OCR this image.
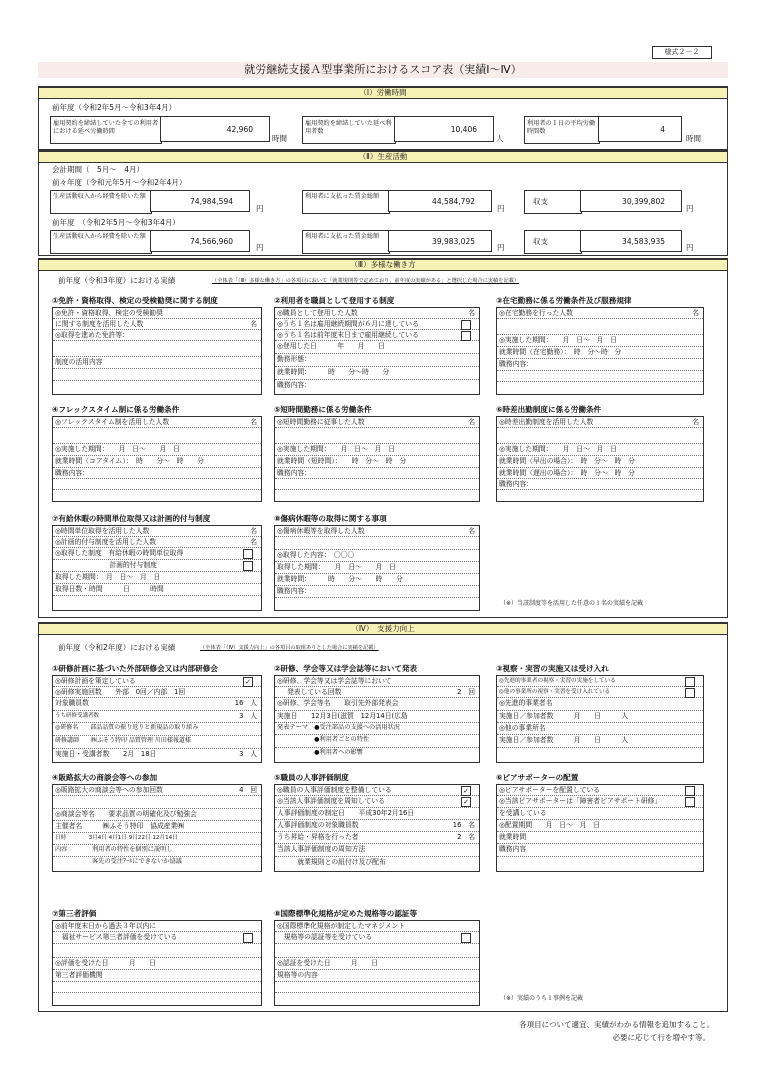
様式２－２
就労継続支援Ａ型事業所におけるスコア表（実績Ⅰ～Ⅳ）
（Ⅰ）労働時間
前年度（令和2年5月～令和3年4月）
雇用契約を締結していた全ての利用者における延べ労働時間	42,960
時間
雇用契約を締結していた延べ利用者数	10,406
人
利用者の１日の平均労働時間数	4
時間
（Ⅱ）生産活動
会計期間（　5月～　4月）
前々年度（令和元年5月～令和2年4月）
生産活動収入から経費を除いた額
74,984,594
円
利用者に支払った賃金総額
44,584,792
円
収支	30,399,802
円
前年度　（令和2年5月～令和3年4月）
生産活動収入から経費を除いた額
74,566,960
円
利用者に支払った賃金総額
39,983,025
円
収支	34,583,935
円
（Ⅲ）多様な働き方
前年度（令和3年度）における実績	（全体表「（Ⅲ）多様な働き方」の各項目において「就業規則等で定めており、前年度の実績がある」と選択した場合に実績を記載）
①免許・資格取得、検定の受検勧奨に関する制度
◎免許・資格取得、検定の受検勧奨
に関する制度を活用した人数	名
◎取得を進めた免許等：
制度の活用内容
②利用者を職員として登用する制度
◎職員として登用した人数	名
◎うち１名は雇用継続期間が６月に達している
◎うち１名は前年度末日まで雇用継続している
◎登用した日　　　年　　月　　日
勤務形態：
就業時間：　　　時　　分～時　　分
職務内容：
③在宅勤務に係る労働条件及び服務規律
◎在宅勤務を行った人数	名
◎実施した期間：　　月　日～　月　日
就業時間（在宅勤務）：　時　分～時　分
職務内容：
④フレックスタイム制に係る労働条件
◎フレックスタイム制を活用した人数	名
◎実施した期間：　　月　日～　　月　日
就業時間（コアタイム）：　時　　分～　時　　分
職務内容：
⑤短時間勤務に係る労働条件
◎短時間勤務に従事した人数	名
◎実施した期間：　　月　日～　月　日
就業時間（短時間）：　　時　分～　時　分
職務内容：
⑥時差出勤制度に係る労働条件
◎時差出勤制度を活用した人数	名
◎実施した期間：　　月　日～　月　日
就業時間（早出の場合）：　時　分～　時　分
就業時間（遅出の場合）：　時　分～　時　分
職務内容：
⑦有給休暇の時間単位取得又は計画的付与制度
◎時間単位取得を活用した人数	名
◎計画的付与制度を活用した人数	名
◎取得した制度　有給休暇の時間単位取得
　　　　　　　　計画的付与制度
取得した期間：　月　日～　月　日
取得日数・時間　　　日　　　時間
⑧傷病休暇等の取得に関する事項
◎傷病休暇等を取得した人数	名
◎取得した内容：　〇〇〇
取得した期間：　　月　日～　　月　日
就業時間：　　　時　　分～　　時　　分
職務内容：
（※）当該制度等を活用した任意の１名の実績を記載
（Ⅳ）　支援力向上
前年度（令和2年度）における実績	（全体表「（Ⅳ）支援力向上」の各項目の取組ありとした場合に実績を記載）
①研修計画に基づいた外部研修会又は内部研修会
◎研修計画を策定している	✓
◎研修実施回数　　外部　0回／内部　1回
対象職員数	16　人
うち研修受講者数	3　人
◎研修名　　部品品質の振り返りと新規品の取り組み
研修講師　　㈱ふそう特印 品質管理 川田様報道様
実施日・受講者数　　2月　18日	3　人
②研修、学会等又は学会誌等において発表
◎研修、学会等又は学会誌等において
発表している回数	2　回
◎研修、学会等名　　取引先外部発表会
実施日　　12月3日(滋賀　12月14日(広島
発表テーマ　●受注部品の支援への活用状況
　　　　　　●利用者ごとの特性
　　　　　　●利用者への影響
③視察・実習の実施又は受け入れ
◎先進的事業者の視察・実習の実施をしている
◎他の事業所の視察・実習を受け入れている
◎先進的事業者名
実施日／参加者数　　　月　　日　　　人
◎他の事業所名
実施日／参加者数　　　月　　日　　　人
④販路拡大の商談会等への参加
◎販路拡大の商談会等への参加回数	4　回
◎商談会等名　　要求品質の明確化及び勉強会
主催者名　　　㈱ふそう特印　協成産業㈱
日時　　　　3月4日 4月1日 9月22日 12月14日
内容　　　　利用者の特性を個別に説明し
　　　　　　客先の受注ｱｰﾙにできないか協議
⑤職員の人事評価制度
◎職員の人事評価制度を整備している	✓
◎当該人事評価制度を周知している	✓
人事評価制度の制定日　　平成30年2月16日
人事評価制度の対象職員数	16　名
うち昇給・昇格を行った者	2　名
当該人事評価制度の周知方法
　　　就業規則との紐付け及び配布
⑥ピアサポーターの配置
◎ピアサポーターを配置している
◎当該ピアサポーターは「障害者ピアサポート研修」
を受講している
◎配置期間　　月　日～　月　日
就業時間
職務内容
⑦第三者評価
◎前年度末日から過去３年以内に
　福祉サービス第三者評価を受けている
◎評価を受けた日　　　月　　日
第三者評価機関
⑧国際標準化規格が定めた規格等の認証等
◎国際標準化規格が制定したマネジメント
　規格等の認証等を受けている
◎認証を受けた日　　　月　　日
規格等の内容
（※）実績のうち１事例を記載
各項目について適宜、実績がわかる情報を追加すること。
必要に応じて行を増やす等。
